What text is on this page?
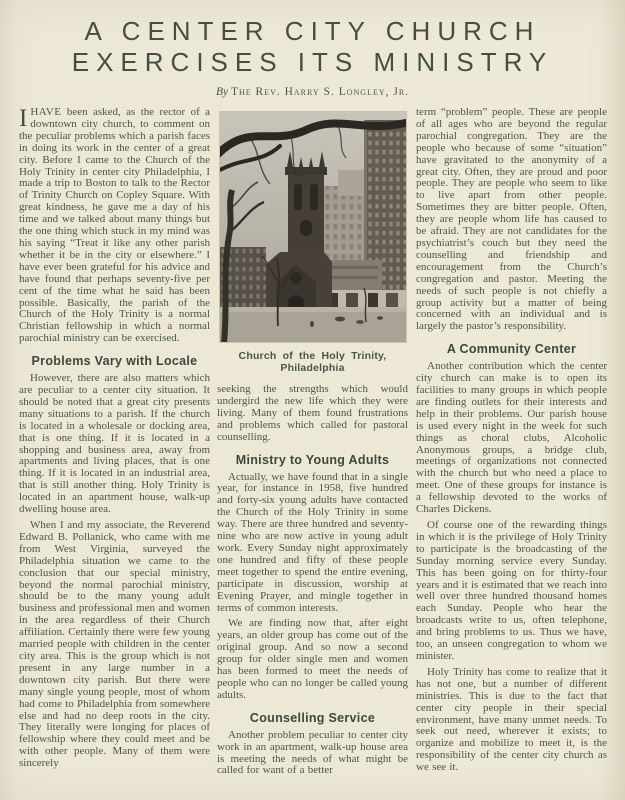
A CENTER CITY CHURCH
EXERCISES ITS MINISTRY
By The Rev. Harry S. Longley, Jr.

IHAVE been asked, as the rector of a downtown city church, to comment on the peculiar problems which a parish faces in doing its work in the center of a great city. Before I came to the Church of the Holy Trinity in center city Philadelphia, I made a trip to Boston to talk to the Rector of Trinity Church on Copley Square. With great kindness, he gave me a day of his time and we talked about many things but the one thing which stuck in my mind was his saying “Treat it like any other parish whether it be in the city or elsewhere.” I have ever been grateful for his advice and have found that perhaps seventy-five per cent of the time what he said has been possible. Basically, the parish of the Church of the Holy Trinity is a normal Christian fellowship in which a normal parochial ministry can be exercised.

Problems Vary with Locale

However, there are also matters which are peculiar to a center city situation. It should be noted that a great city presents many situations to a parish. If the church is located in a wholesale or docking area, that is one thing. If it is located in a shopping and business area, away from apartments and living places, that is one thing. If it is located in an industrial area, that is still another thing. Holy Trinity is located in an apartment house, walk-up dwelling house area.

When I and my associate, the Reverend Edward B. Pollanick, who came with me from West Virginia, surveyed the Philadelphia situation we came to the conclusion that our special ministry, beyond the normal parochial ministry, should be to the many young adult business and professional men and women in the area regardless of their Church affiliation. Certainly there were few young married people with children in the center city area. This is the group which is not present in any large number in a downtown city parish. But there were many single young people, most of whom had come to Philadelphia from somewhere else and had no deep roots in the city. They literally were longing for places of fellowship where they could meet and be with other people. Many of them were sincerely

Church of the Holy Trinity, Philadelphia

seeking the strengths which would undergird the new life which they were living. Many of them found frustrations and problems which called for pastoral counselling.

Ministry to Young Adults

Actually, we have found that in a single year, for instance in 1958, five hundred and forty-six young adults have contacted the Church of the Holy Trinity in some way. There are three hundred and seventy-nine who are now active in young adult work. Every Sunday night approximately one hundred and fifty of these people meet together to spend the entire evening, participate in discussion, worship at Evening Prayer, and mingle together in terms of common interests.

We are finding now that, after eight years, an older group has come out of the original group. And so now a second group for older single men and women has been formed to meet the needs of people who can no longer be called young adults.

Counselling Service

Another problem peculiar to center city work in an apartment, walk-up house area is meeting the needs of what might be called for want of a better

term “problem” people. These are people of all ages who are beyond the regular parochial congregation. They are the people who because of some “situation” have gravitated to the anonymity of a great city. Often, they are proud and poor people. They are people who seem to like to live apart from other people. Sometimes they are bitter people. Often, they are people whom life has caused to be afraid. They are not candidates for the psychiatrist’s couch but they need the counselling and friendship and encouragement from the Church’s congregation and pastor. Meeting the needs of such people is not chiefly a group activity but a matter of being concerned with an individual and is largely the pastor’s responsibility.

A Community Center

Another contribution which the center city church can make is to open its facilities to many groups in which people are finding outlets for their interests and help in their problems. Our parish house is used every night in the week for such things as choral clubs, Alcoholic Anonymous groups, a bridge club, meetings of organizations not connected with the church but who need a place to meet. One of these groups for instance is a fellowship devoted to the works of Charles Dickens.

Of course one of the rewarding things in which it is the privilege of Holy Trinity to participate is the broadcasting of the Sunday morning service every Sunday. This has been going on for thirty-four years and it is estimated that we reach into well over three hundred thousand homes each Sunday. People who hear the broadcasts write to us, often telephone, and bring problems to us. Thus we have, too, an unseen congregation to whom we minister.

Holy Trinity has come to realize that it has not one, but a number of different ministries. This is due to the fact that center city people in their special environment, have many unmet needs. To seek out need, wherever it exists; to organize and mobilize to meet it, is the responsibility of the center city church as we see it.
